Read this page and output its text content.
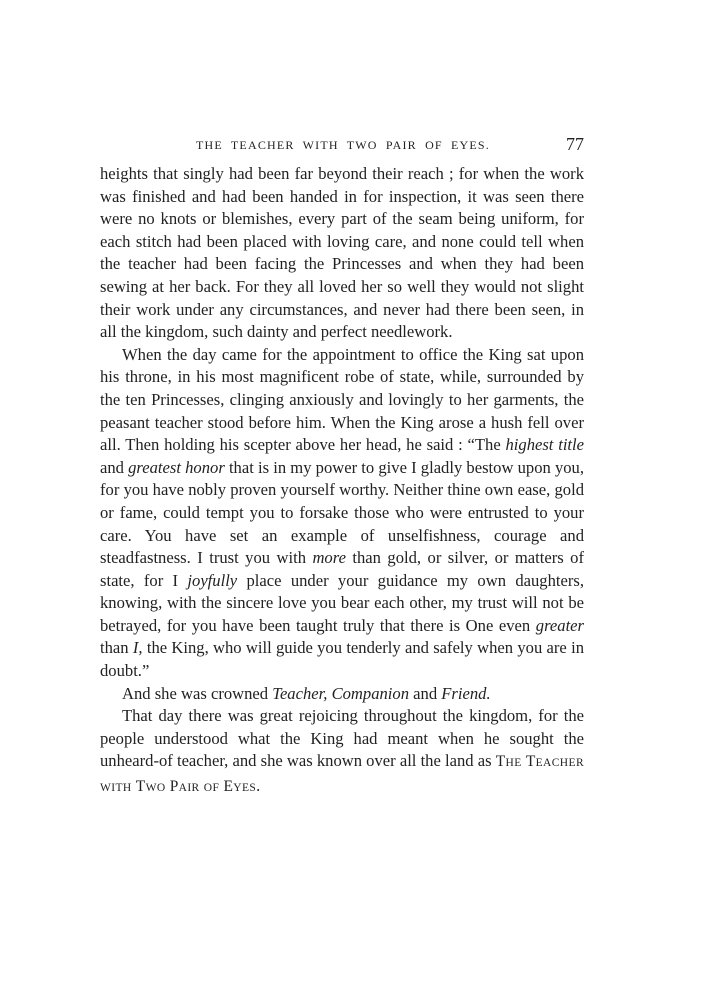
THE TEACHER WITH TWO PAIR OF EYES.	77

heights that singly had been far beyond their reach ; for when the work was finished and had been handed in for inspection, it was seen there were no knots or blemishes, every part of the seam being uniform, for each stitch had been placed with loving care, and none could tell when the teacher had been facing the Princesses and when they had been sewing at her back. For they all loved her so well they would not slight their work under any circumstances, and never had there been seen, in all the kingdom, such dainty and perfect needlework.

When the day came for the appointment to office the King sat upon his throne, in his most magnificent robe of state, while, surrounded by the ten Princesses, clinging anxiously and lovingly to her garments, the peasant teacher stood before him. When the King arose a hush fell over all. Then holding his scepter above her head, he said : “The highest title and greatest honor that is in my power to give I gladly bestow upon you, for you have nobly proven yourself worthy. Neither thine own ease, gold or fame, could tempt you to forsake those who were entrusted to your care. You have set an example of unselfishness, courage and steadfastness. I trust you with more than gold, or silver, or matters of state, for I joyfully place under your guidance my own daughters, knowing, with the sincere love you bear each other, my trust will not be betrayed, for you have been taught truly that there is One even greater than I, the King, who will guide you tenderly and safely when you are in doubt.”

And she was crowned Teacher, Companion and Friend.

That day there was great rejoicing throughout the kingdom, for the people understood what the King had meant when he sought the unheard-of teacher, and she was known over all the land as THE TEACHER WITH TWO PAIR OF EYES.
